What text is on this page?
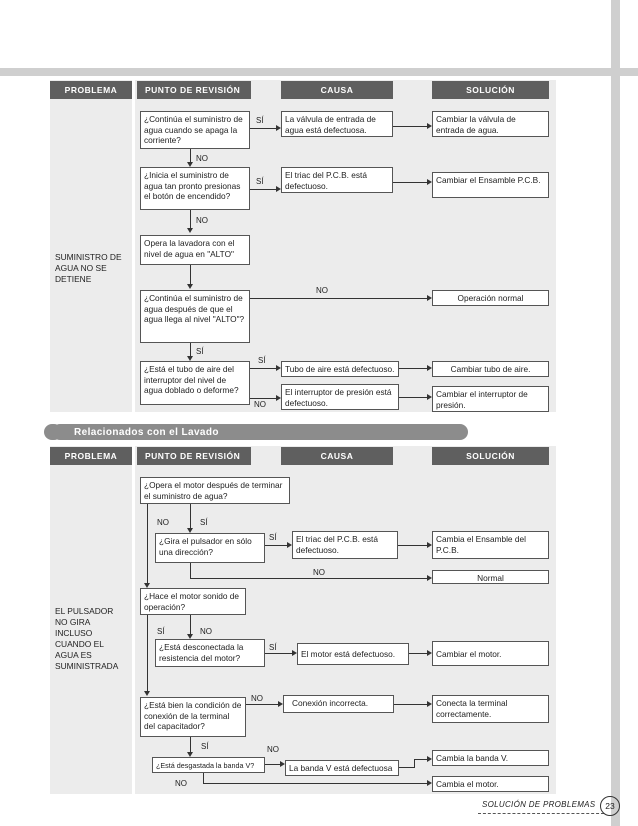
PROBLEMA	PUNTO DE REVISIÓN	CAUSA	SOLUCIÓN
SUMINISTRO DE AGUA NO SE DETIENE
¿Continúa el suministro de agua cuando se apaga la corriente?
SÍ	La válvula de entrada de agua está defectuosa.
Cambiar la válvula de entrada de agua.
NO
¿Inicia el suministro de agua tan pronto presionas el botón de encendido?
SÍ
El triac del P.C.B. está defectuoso.
Cambiar el Ensamble P.C.B.
NO
Opera la lavadora con el nivel de agua en "ALTO"
¿Continúa el suministro de agua después de que el agua llega al nivel "ALTO"?
NO
Operación normal
SÍ
¿Está el tubo de aire del interruptor del nivel de agua doblado o deforme?
SÍ
Tubo de aire está defectuoso.	Cambiar tubo de aire.
NO
El interruptor de presión está defectuoso.
Cambiar el interruptor de presión.
Relacionados con el Lavado
PROBLEMA	PUNTO DE REVISIÓN	CAUSA	SOLUCIÓN
EL PULSADOR NO GIRA INCLUSO CUANDO EL AGUA ES SUMINISTRADA
¿Opera el motor después de terminar el suministro de agua?
NO	SÍ
¿Gira el pulsador en sólo una dirección?
SÍ	El triac del P.C.B. está defectuoso.
Cambia el Ensamble del P.C.B.
NO
Normal
¿Hace el motor sonido de operación?
SÍ	NO
¿Está desconectada la resistencia del motor?
SÍ
El motor está defectuoso.	Cambiar el motor.
¿Está bien la condición de conexión de la terminal del capacitador?
NO	Conexión incorrecta.	Conecta la terminal correctamente.
SÍ
¿Está desgastada la banda V?
NO
La banda V está defectuosa
Cambia la banda V.
NO	Cambia el motor.
SOLUCIÓN DE PROBLEMAS	23
